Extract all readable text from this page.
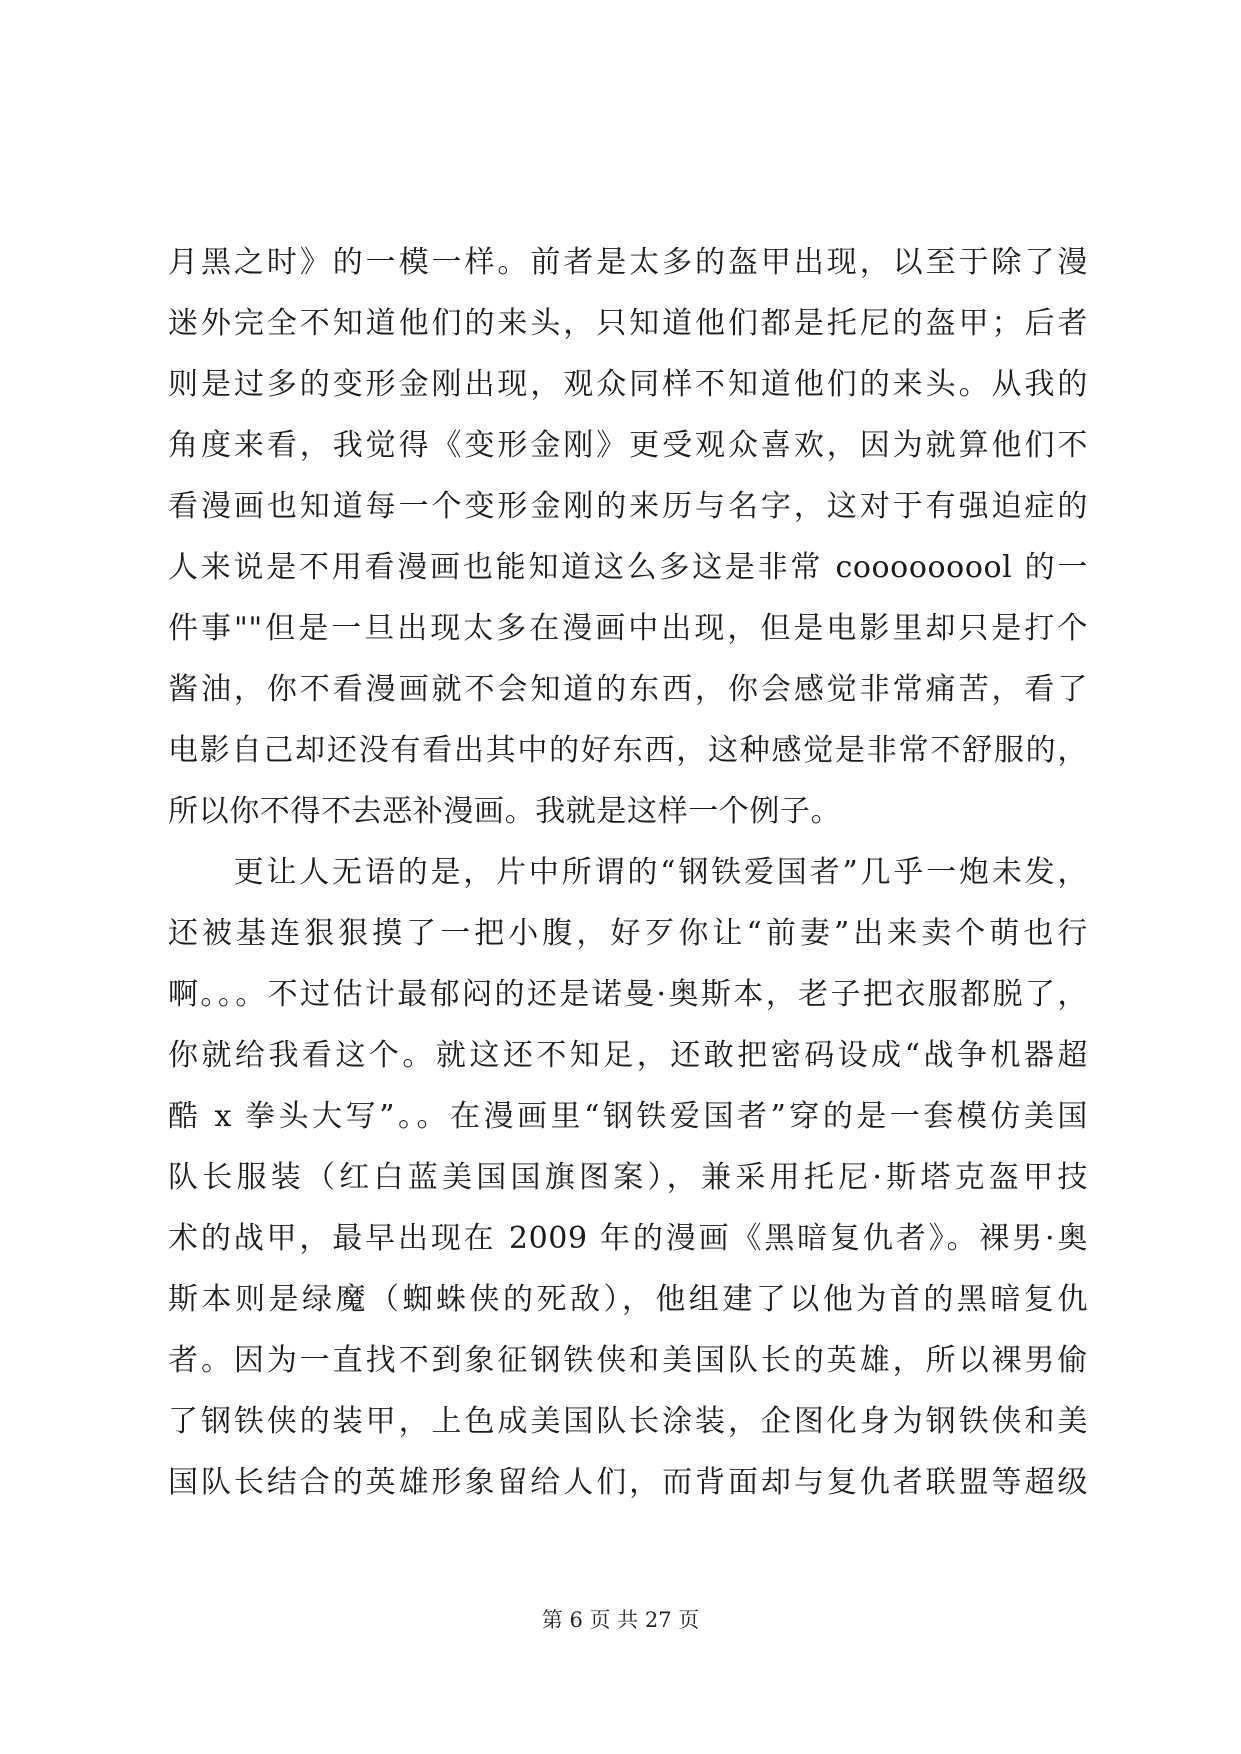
月黑之时》的一模一样。前者是太多的盔甲出现，以至于除了漫
迷外完全不知道他们的来头，只知道他们都是托尼的盔甲；后者
则是过多的变形金刚出现，观众同样不知道他们的来头。从我的
角度来看，我觉得《变形金刚》更受观众喜欢，因为就算他们不
看漫画也知道每一个变形金刚的来历与名字，这对于有强迫症的
人来说是不用看漫画也能知道这么多这是非常 cooooooool 的一
件事""但是一旦出现太多在漫画中出现，但是电影里却只是打个
酱油，你不看漫画就不会知道的东西，你会感觉非常痛苦，看了
电影自己却还没有看出其中的好东西，这种感觉是非常不舒服的，
所以你不得不去恶补漫画。我就是这样一个例子。
　　更让人无语的是，片中所谓的“钢铁爱国者”几乎一炮未发，
还被基连狠狠摸了一把小腹，好歹你让“前妻”出来卖个萌也行
啊。。。不过估计最郁闷的还是诺曼·奥斯本，老子把衣服都脱了，
你就给我看这个。就这还不知足，还敢把密码设成“战争机器超
酷 x 拳头大写”。。在漫画里“钢铁爱国者”穿的是一套模仿美国
队长服装（红白蓝美国国旗图案），兼采用托尼·斯塔克盔甲技
术的战甲，最早出现在 2009 年的漫画《黑暗复仇者》。裸男·奥
斯本则是绿魔（蜘蛛侠的死敌），他组建了以他为首的黑暗复仇
者。因为一直找不到象征钢铁侠和美国队长的英雄，所以裸男偷
了钢铁侠的装甲，上色成美国队长涂装，企图化身为钢铁侠和美
国队长结合的英雄形象留给人们，而背面却与复仇者联盟等超级
第 6 页 共 27 页
